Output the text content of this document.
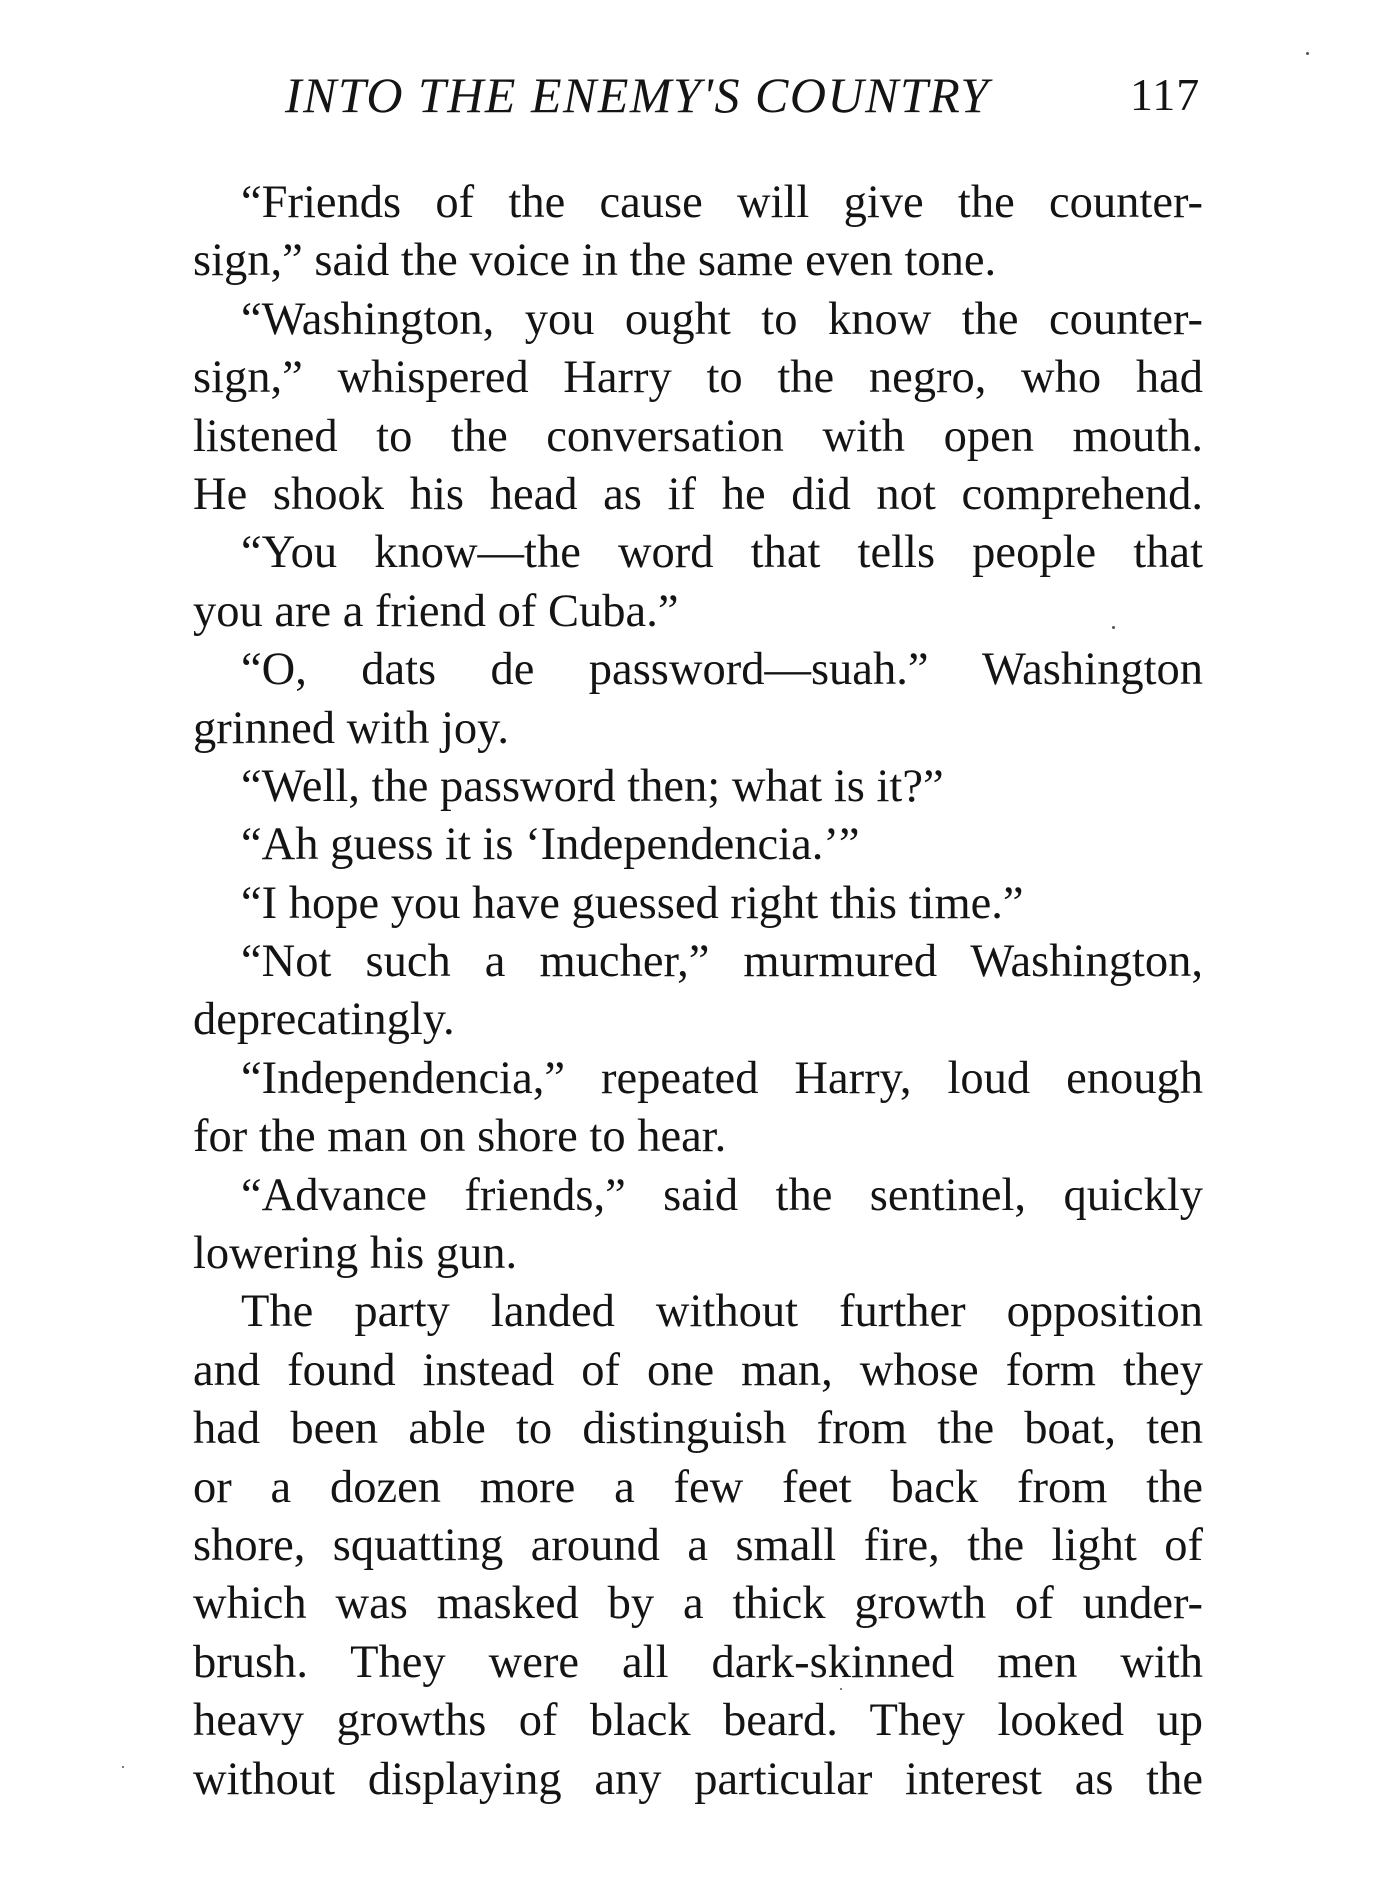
INTO THE ENEMY'S COUNTRY	117
“Friends of the cause will give the counter-
sign,” said the voice in the same even tone.
“Washington, you ought to know the counter-
sign,” whispered Harry to the negro, who had
listened to the conversation with open mouth.
He shook his head as if he did not comprehend.
“You know—the word that tells people that
you are a friend of Cuba.”
“O, dats de password—suah.” Washington
grinned with joy.
“Well, the password then; what is it?”
“Ah guess it is ‘Independencia.’”
“I hope you have guessed right this time.”
“Not such a mucher,” murmured Washington,
deprecatingly.
“Independencia,” repeated Harry, loud enough
for the man on shore to hear.
“Advance friends,” said the sentinel, quickly
lowering his gun.
The party landed without further opposition
and found instead of one man, whose form they
had been able to distinguish from the boat, ten
or a dozen more a few feet back from the
shore, squatting around a small fire, the light of
which was masked by a thick growth of under-
brush. They were all dark-skinned men with
heavy growths of black beard. They looked up
without displaying any particular interest as the
